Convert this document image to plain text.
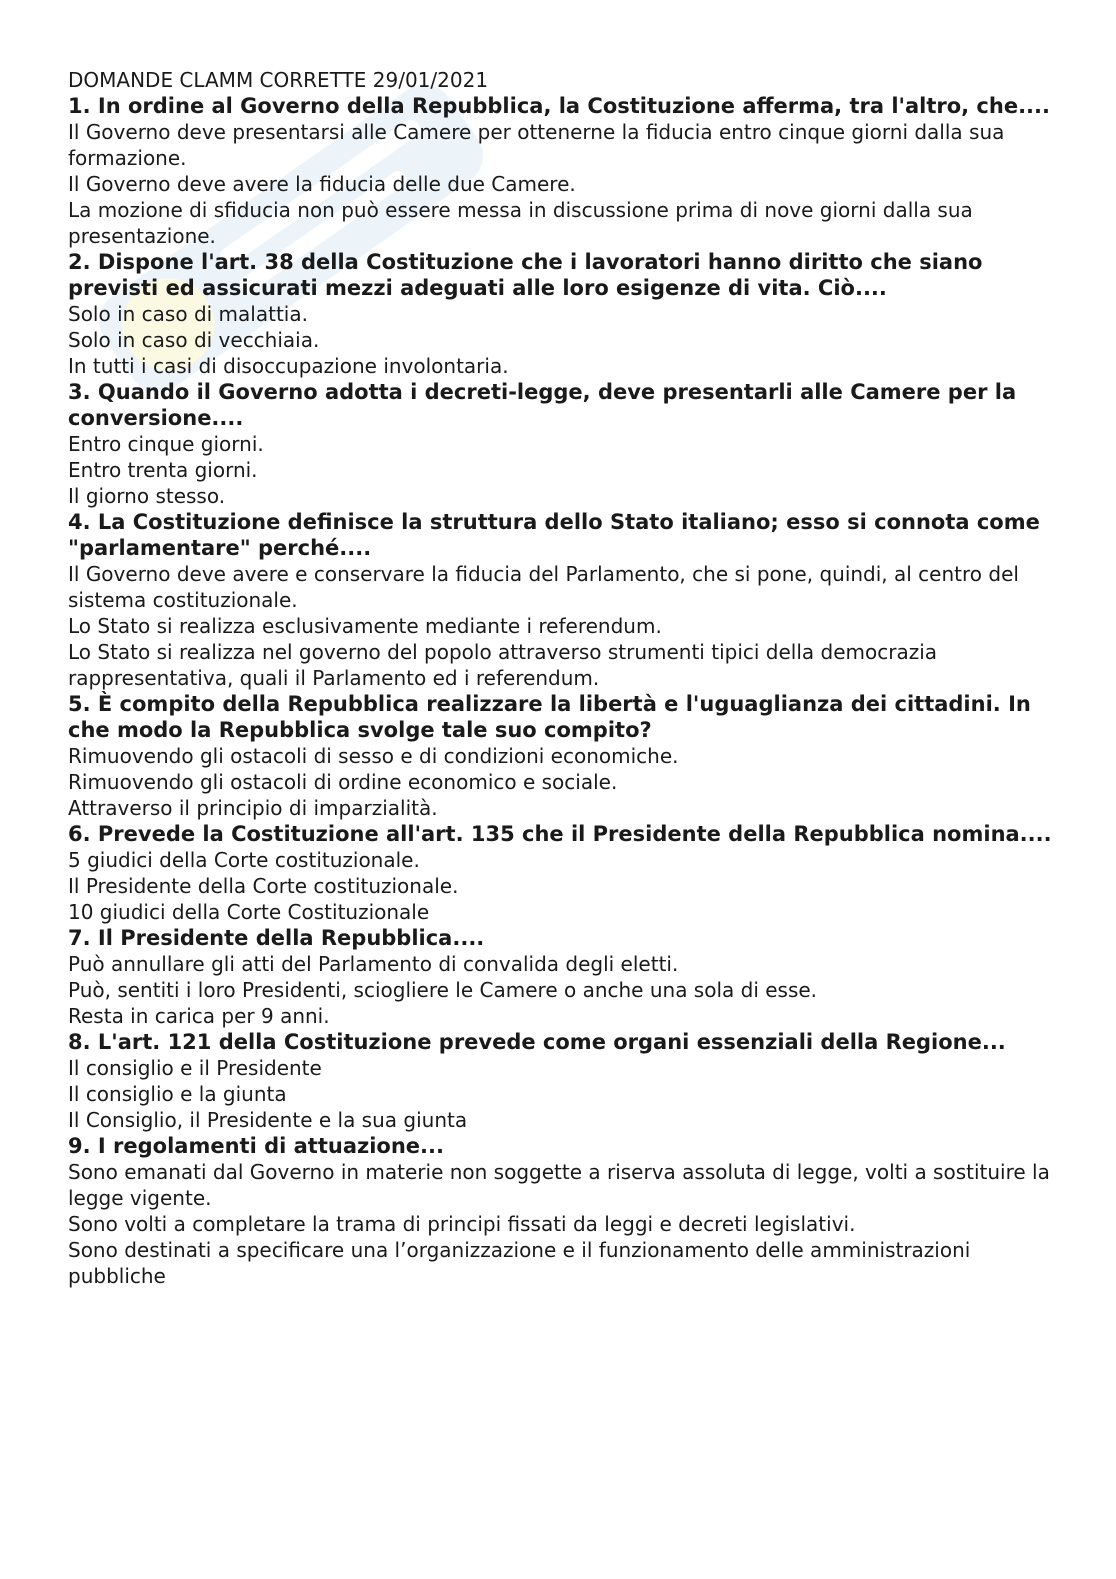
DOMANDE CLAMM CORRETTE 29/01/2021

1. In ordine al Governo della Repubblica, la Costituzione afferma, tra l'altro, che....

Il Governo deve presentarsi alle Camere per ottenerne la fiducia entro cinque giorni dalla sua formazione.

Il Governo deve avere la fiducia delle due Camere.

La mozione di sfiducia non può essere messa in discussione prima di nove giorni dalla sua

presentazione.

2. Dispone l'art. 38 della Costituzione che i lavoratori hanno diritto che siano previsti ed assicurati mezzi adeguati alle loro esigenze di vita. Ciò....

Solo in caso di malattia.

Solo in caso di vecchiaia.

In tutti i casi di disoccupazione involontaria.

3. Quando il Governo adotta i decreti-legge, deve presentarli alle Camere per la conversione....

Entro cinque giorni.

Entro trenta giorni.

Il giorno stesso.

4. La Costituzione definisce la struttura dello Stato italiano; esso si connota come "parlamentare" perché....

Il Governo deve avere e conservare la fiducia del Parlamento, che si pone, quindi, al centro del sistema costituzionale.

Lo Stato si realizza esclusivamente mediante i referendum.

Lo Stato si realizza nel governo del popolo attraverso strumenti tipici della democrazia rappresentativa, quali il Parlamento ed i referendum.

5. È compito della Repubblica realizzare la libertà e l'uguaglianza dei cittadini. In che modo la Repubblica svolge tale suo compito?

Rimuovendo gli ostacoli di sesso e di condizioni economiche.

Rimuovendo gli ostacoli di ordine economico e sociale.

Attraverso il principio di imparzialità.

6. Prevede la Costituzione all'art. 135 che il Presidente della Repubblica nomina....

5 giudici della Corte costituzionale.

Il Presidente della Corte costituzionale.

10 giudici della Corte Costituzionale

7. Il Presidente della Repubblica....

Può annullare gli atti del Parlamento di convalida degli eletti.

Può, sentiti i loro Presidenti, sciogliere le Camere o anche una sola di esse.

Resta in carica per 9 anni.

8. L'art. 121 della Costituzione prevede come organi essenziali della Regione...

Il consiglio e il Presidente

Il consiglio e la giunta

Il Consiglio, il Presidente e la sua giunta

9. I regolamenti di attuazione...

Sono emanati dal Governo in materie non soggette a riserva assoluta di legge, volti a sostituire la legge vigente.

Sono volti a completare la trama di principi fissati da leggi e decreti legislativi.

Sono destinati a specificare una l’organizzazione e il funzionamento delle amministrazioni

pubbliche
